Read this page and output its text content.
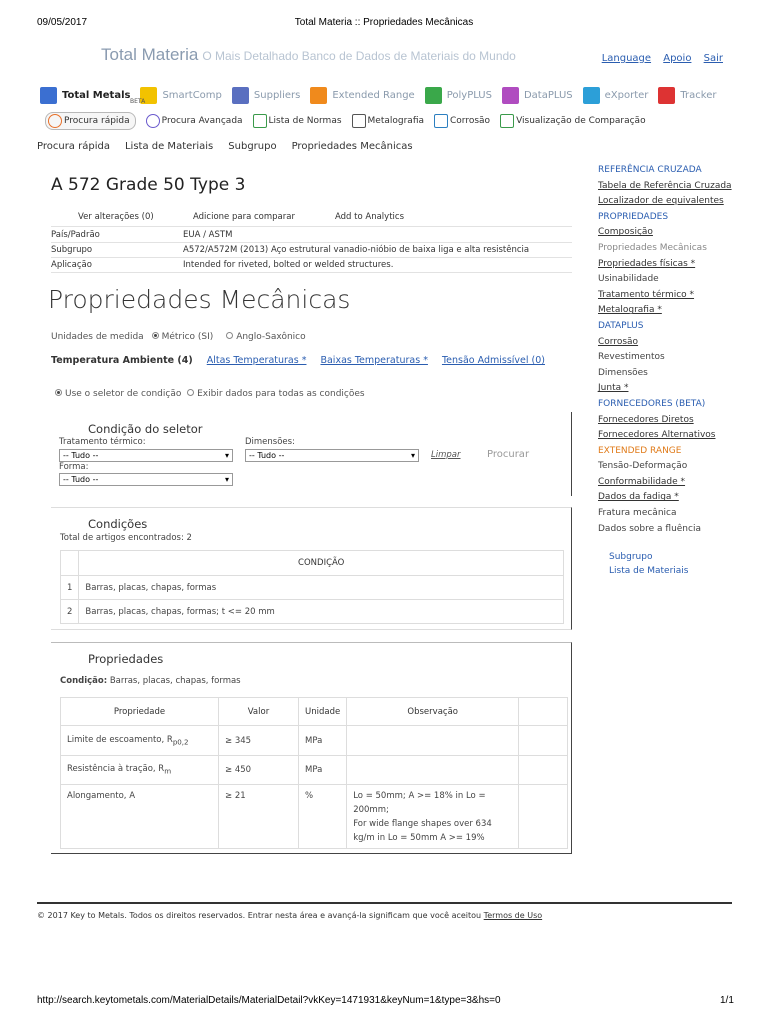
09/05/2017	Total Materia :: Propriedades Mecânicas
Total Materia O Mais Detalhado Banco de Dados de Materiais do Mundo	Language Apoio Sair
Total Metals	SmartComp	Suppliers	Extended Range	PolyPLUS	DataPLUS	eXporter	Tracker
BETA
Procura rápida	Procura Avançada	Lista de Normas	Metalografia	Corrosão	Visualização de Comparação
Procura rápida Lista de Materiais Subgrupo Propriedades Mecânicas
A 572 Grade 50 Type 3
Ver alterações (0)	Adicione para comparar	Add to Analytics
País/Padrão	EUA / ASTM
Subgrupo	A572/A572M (2013) Aço estrutural vanadio-niόbio de baixa liga e alta resistência
Aplicação	Intended for riveted, bolted or welded structures.
Propriedades Mecânicas
Unidades de medida Métrico (SI)	Anglo-Saxônico
Temperatura Ambiente (4) Altas Temperaturas * Baixas Temperaturas * Tensão Admissível (0)
Use o seletor de condição Exibir dados para todas as condições
Condição do seletor
Tratamento térmico:
-- Tudo --	▾
Dimensões:
-- Tudo --	▾ Limpar	Procurar
Forma:
-- Tudo --	▾
Condições
Total de artigos encontrados: 2
	CONDIÇÃO
1	Barras, placas, chapas, formas
2	Barras, placas, chapas, formas; t <= 20 mm
Propriedades
Condição: Barras, placas, chapas, formas
Propriedade	Valor	Unidade	Observação	
Limite de escoamento, $R_{p0,2}$	≥ 345	MPa		
Resistência à tração, $R_m$	≥ 450	MPa		
Alongamento, A	≥ 21	%	Lo = 50mm; A >= 18% in Lo = 200mm;
For wide flange shapes over 634
kg/m in Lo = 50mm A >= 19%	

REFERÊNCIA CRUZADA
Tabela de Referência Cruzada
Localizador de equivalentes
PROPRIEDADES
Composição
Propriedades Mecânicas
Propriedades físicas *
Usinabilidade
Tratamento térmico *
Metalografia *
DATAPLUS
Corrosão
Revestimentos
Dimensões
Junta *
FORNECEDORES (BETA)
Fornecedores Diretos
Fornecedores Alternativos
EXTENDED RANGE
Tensão-Deformação
Conformabilidade *
Dados da fadiga *
Fratura mecânica
Dados sobre a fluência
Subgrupo
Lista de Materiais
© 2017 Key to Metals. Todos os direitos reservados. Entrar nesta área e avançá-la significam que você aceitou Termos de Uso
http://search.keytometals.com/MaterialDetails/MaterialDetail?vkKey=1471931&keyNum=1&type=3&hs=0	1/1
